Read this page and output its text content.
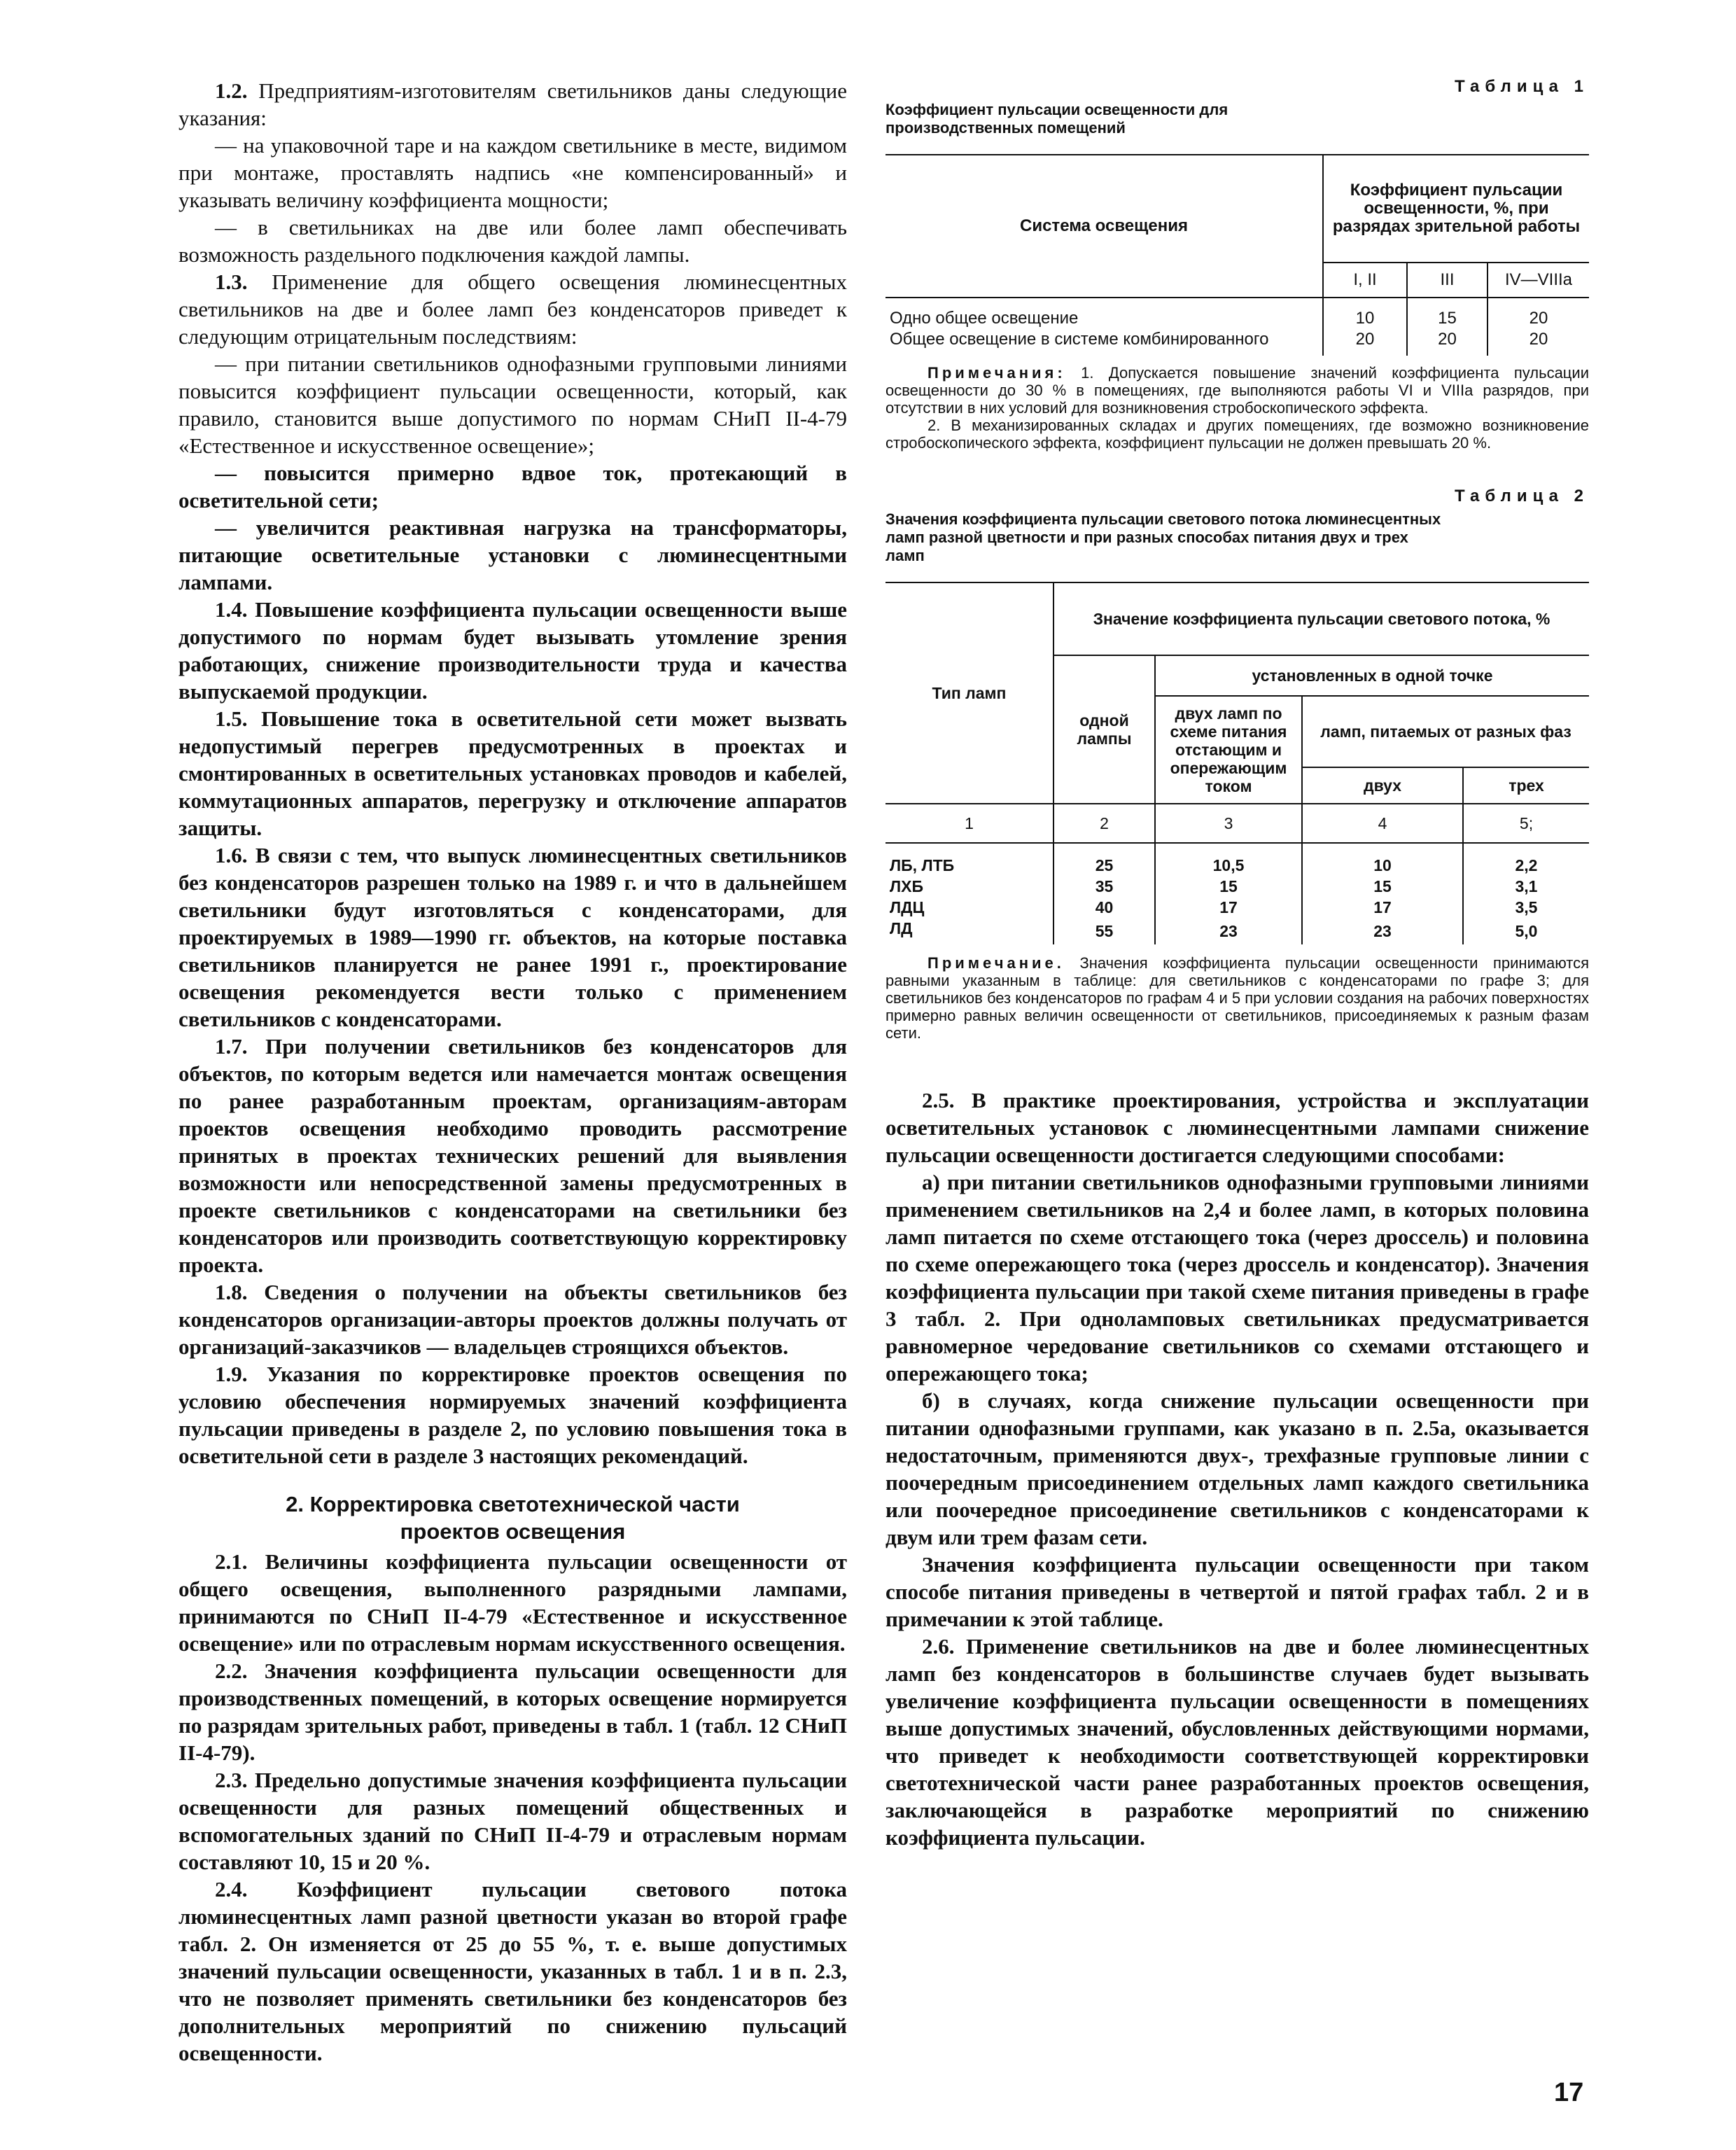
1.2. Предприятиям-изготовителям светильников даны следующие указания:

— на упаковочной таре и на каждом светильнике в месте, видимом при монтаже, проставлять надпись «не компенсированный» и указывать величину коэффициента мощности;

— в светильниках на две или более ламп обеспечивать возможность раздельного подключения каждой лампы.

1.3. Применение для общего освещения люминесцентных светильников на две и более ламп без конденсаторов приведет к следующим отрицательным последствиям:

— при питании светильников однофазными групповыми линиями повысится коэффициент пульсации освещенности, который, как правило, становится выше допустимого по нормам СНиП II-4-79 «Естественное и искусственное освещение»;

— повысится примерно вдвое ток, протекающий в осветительной сети;

— увеличится реактивная нагрузка на трансформаторы, питающие осветительные установки с люминесцентными лампами.

1.4. Повышение коэффициента пульсации освещенности выше допустимого по нормам будет вызывать утомление зрения работающих, снижение производительности труда и качества выпускаемой продукции.

1.5. Повышение тока в осветительной сети может вызвать недопустимый перегрев предусмотренных в проектах и смонтированных в осветительных установках проводов и кабелей, коммутационных аппаратов, перегрузку и отключение аппаратов защиты.

1.6. В связи с тем, что выпуск люминесцентных светильников без конденсаторов разрешен только на 1989 г. и что в дальнейшем светильники будут изготовляться с конденсаторами, для проектируемых в 1989—1990 гг. объектов, на которые поставка светильников планируется не ранее 1991 г., проектирование освещения рекомендуется вести только с применением светильников с конденсаторами.

1.7. При получении светильников без конденсаторов для объектов, по которым ведется или намечается монтаж освещения по ранее разработанным проектам, организациям-авторам проектов освещения необходимо проводить рассмотрение принятых в проектах технических решений для выявления возможности или непосредственной замены предусмотренных в проекте светильников с конденсаторами на светильники без конденсаторов или производить соответствующую корректировку проекта.

1.8. Сведения о получении на объекты светильников без конденсаторов организации-авторы проектов должны получать от организаций-заказчиков — владельцев строящихся объектов.

1.9. Указания по корректировке проектов освещения по условию обеспечения нормируемых значений коэффициента пульсации приведены в разделе 2, по условию повышения тока в осветительной сети в разделе 3 настоящих рекомендаций.

2. Корректировка светотехнической части
проектов освещения

2.1. Величины коэффициента пульсации освещенности от общего освещения, выполненного разрядными лампами, принимаются по СНиП II-4-79 «Естественное и искусственное освещение» или по отраслевым нормам искусственного освещения.

2.2. Значения коэффициента пульсации освещенности для производственных помещений, в которых освещение нормируется по разрядам зрительных работ, приведены в табл. 1 (табл. 12 СНиП II-4-79).

2.3. Предельно допустимые значения коэффициента пульсации освещенности для разных помещений общественных и вспомогательных зданий по СНиП II-4-79 и отраслевым нормам составляют 10, 15 и 20 %.

2.4. Коэффициент пульсации светового потока люминесцентных ламп разной цветности указан во второй графе табл. 2. Он изменяется от 25 до 55 %, т. е. выше допустимых значений пульсации освещенности, указанных в табл. 1 и в п. 2.3, что не позволяет применять светильники без конденсаторов без дополнительных мероприятий по снижению пульсаций освещенности.

Таблица 1
Коэффициент пульсации освещенности для производственных помещений
Система освещения	Коэффициент пульсации освещенности, %, при разрядах зрительной работы		
	I, II	III	IV—VIIIa
Одно общее освещение	10	15	20
Общее освещение в системе комбинированного	20	20	20

Примечания: 1. Допускается повышение значений коэффициента пульсации освещенности до 30 % в помещениях, где выполняются работы VI и VIIIa разрядов, при отсутствии в них условий для возникновения стробоскопического эффекта.

2. В механизированных складах и других помещениях, где возможно возникновение стробоскопического эффекта, коэффициент пульсации не должен превышать 20 %.

Таблица 2
Значения коэффициента пульсации светового потока люминесцентных ламп разной цветности и при разных способах питания двух и трех ламп
Тип ламп	Значение коэффициента пульсации светового потока, %			
	одной лампы	установленных в одной точке		
		двух ламп по схеме питания отстающим и опережающим током	ламп, питаемых от разных фаз	
			двух	трех
1	2	3	4	5;
ЛБ, ЛТБ	25	10,5	10	2,2
ЛХБ	35	15	15	3,1
ЛДЦ	40	17	17	3,5
ЛД	55	23	23	5,0

Примечание. Значения коэффициента пульсации освещенности принимаются равными указанным в таблице: для светильников с конденсаторами по графе 3; для светильников без конденсаторов по графам 4 и 5 при условии создания на рабочих поверхностях примерно равных величин освещенности от светильников, присоединяемых к разным фазам сети.

2.5. В практике проектирования, устройства и эксплуатации осветительных установок с люминесцентными лампами снижение пульсации освещенности достигается следующими способами:

а) при питании светильников однофазными групповыми линиями применением светильников на 2,4 и более ламп, в которых половина ламп питается по схеме отстающего тока (через дроссель) и половина по схеме опережающего тока (через дроссель и конденсатор). Значения коэффициента пульсации при такой схеме питания приведены в графе 3 табл. 2. При одноламповых светильниках предусматривается равномерное чередование светильников со схемами отстающего и опережающего тока;

б) в случаях, когда снижение пульсации освещенности при питании однофазными группами, как указано в п. 2.5а, оказывается недостаточным, применяются двух-, трехфазные групповые линии с поочередным присоединением отдельных ламп каждого светильника или поочередное присоединение светильников с конденсаторами к двум или трем фазам сети.

Значения коэффициента пульсации освещенности при таком способе питания приведены в четвертой и пятой графах табл. 2 и в примечании к этой таблице.

2.6. Применение светильников на две и более люминесцентных ламп без конденсаторов в большинстве случаев будет вызывать увеличение коэффициента пульсации освещенности в помещениях выше допустимых значений, обусловленных действующими нормами, что приведет к необходимости соответствующей корректировки светотехнической части ранее разработанных проектов освещения, заключающейся в разработке мероприятий по снижению коэффициента пульсации.

17
